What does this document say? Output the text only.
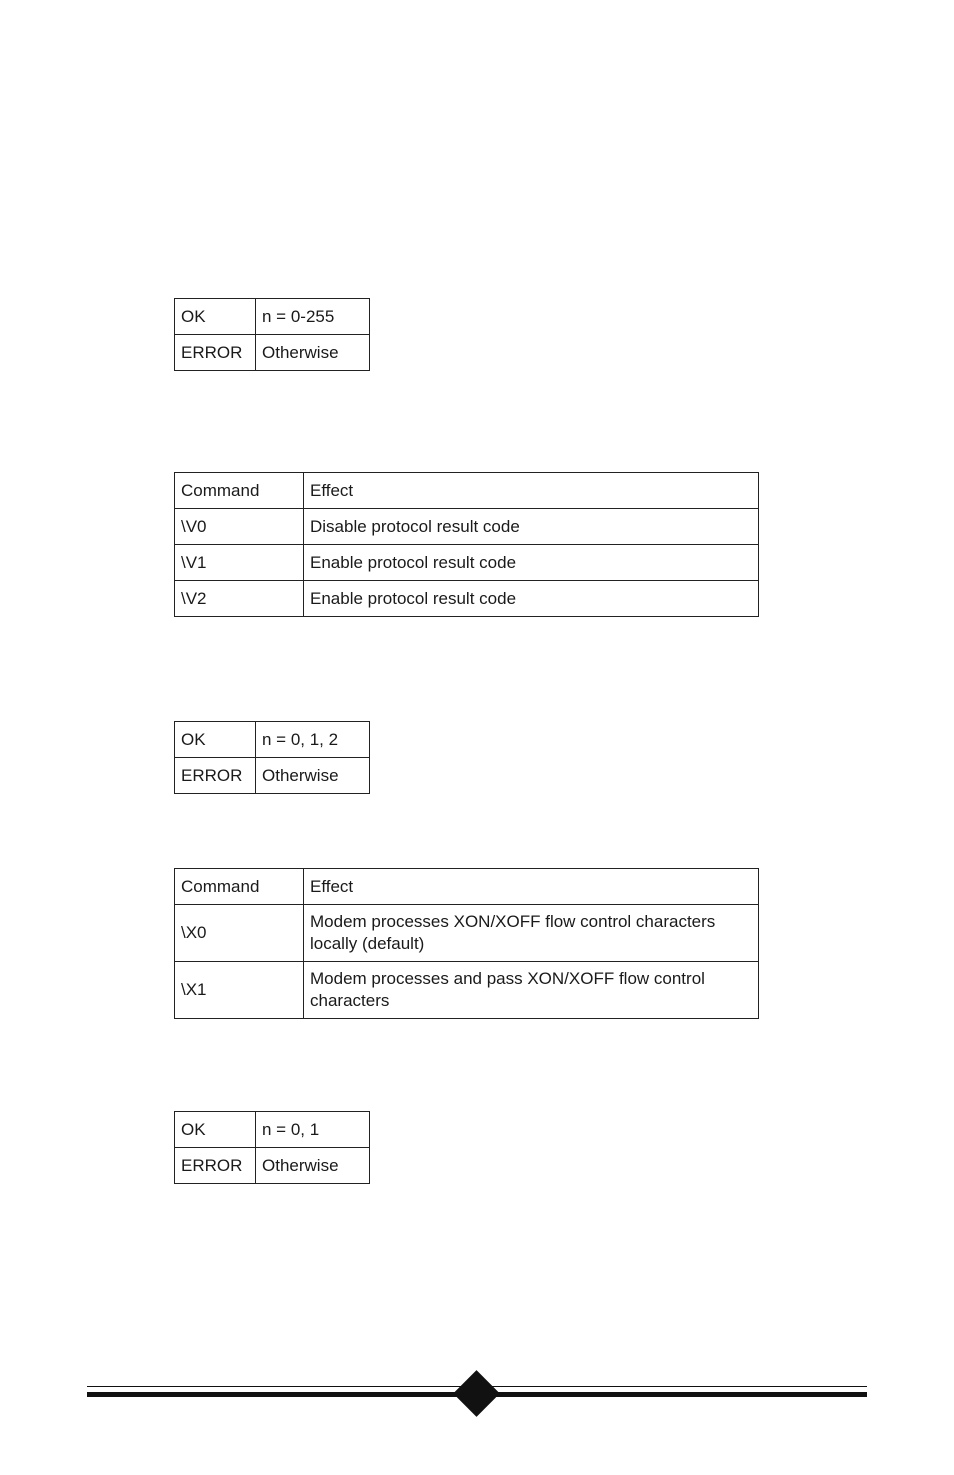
OK	n = 0-255
ERROR	Otherwise
Command	Effect
\V0	Disable protocol result code
\V1	Enable protocol result code
\V2	Enable protocol result code
OK	n = 0, 1, 2
ERROR	Otherwise
Command	Effect
\X0	Modem processes XON/XOFF flow control characters locally (default)
\X1	Modem processes and pass XON/XOFF flow control characters
OK	n = 0, 1
ERROR	Otherwise
